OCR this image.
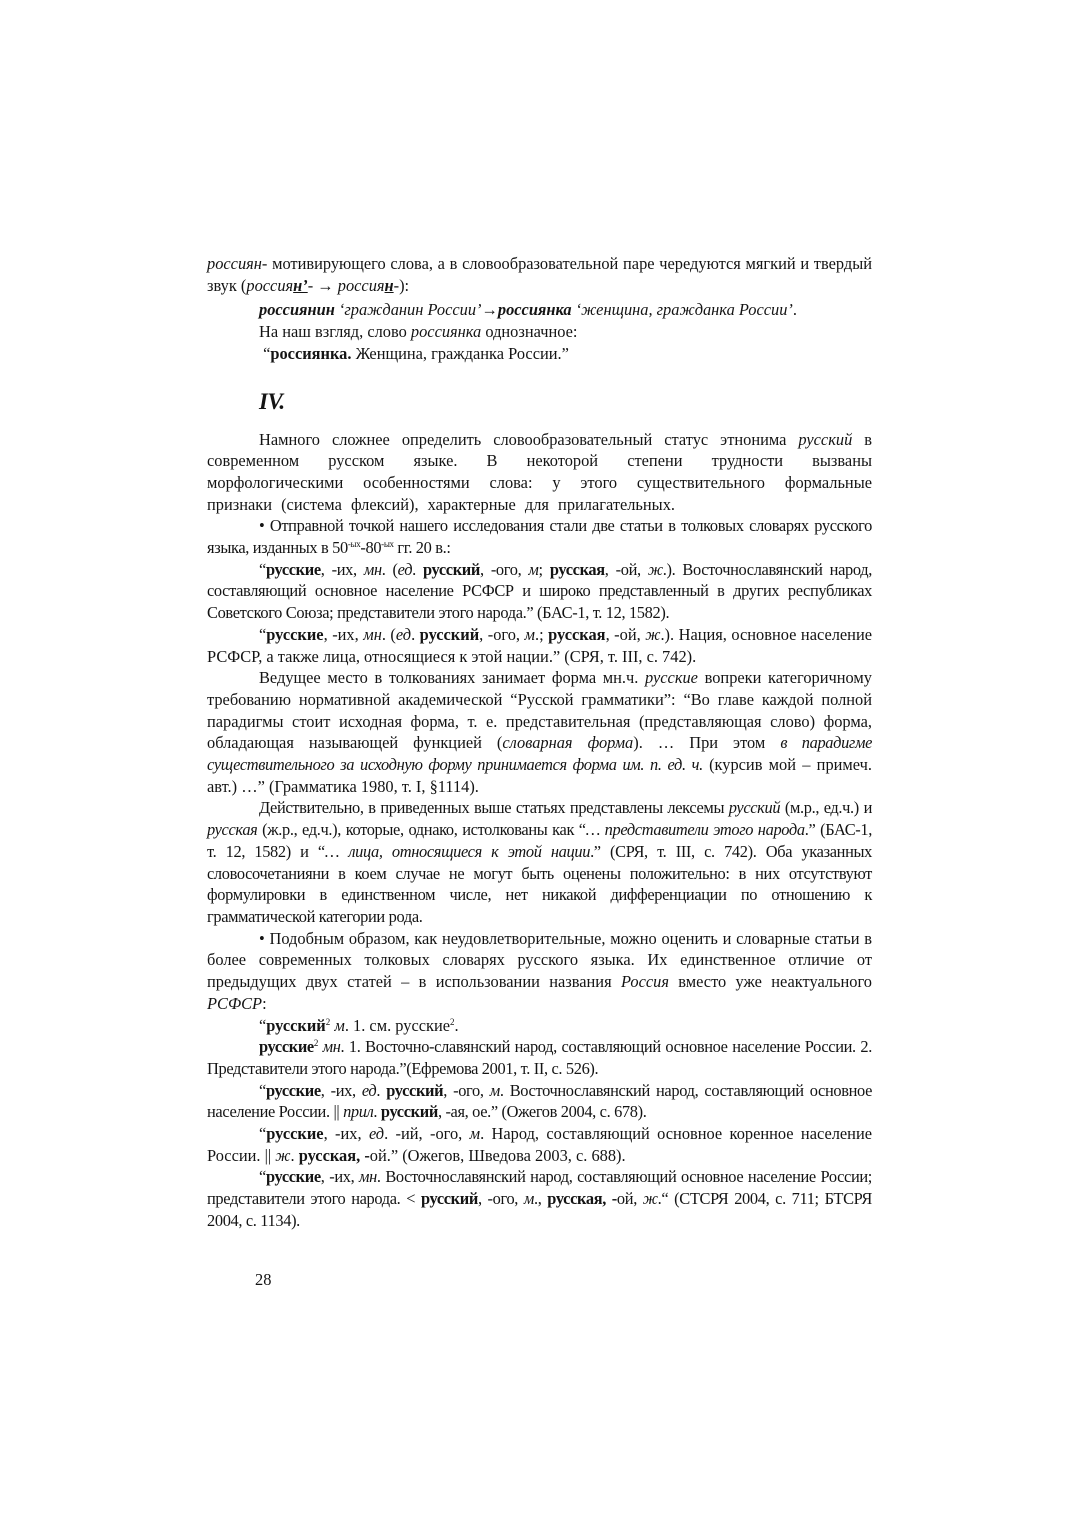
россиян- мотивирующего слова, а в словообразовательной паре чередуются мягкий и твердый звук (россиян’- → россиян-):

россиянин ‘гражданин России’→россиянка ‘женщина, гражданка России’.

На наш взгляд, слово россиянка однозначное:

“россиянка. Женщина, гражданка России.”

IV.

Намного сложнее определить словообразовательный статус этнонима русский в современном русском языке. В некоторой степени трудности вызваны морфологическими особенностями слова: у этого существительного формальные признаки (система флексий), характерные для прилагательных.

• Отправной точкой нашего исследования стали две статьи в толковых словарях русского языка, изданных в $50^{-ых}-80^{-ых}$ гг. 20 в.:

“русские, -их, мн. (ед. русский, -ого, м; русская, -ой, ж.). Восточнославянский народ, составляющий основное население РСФСР и широко представленный в других республиках Советского Союза; представители этого народа.” (БАС-1, т. 12, 1582).

“русские, -их, мн. (ед. русский, -ого, м.; русская, -ой, ж.). Нация, основное население РСФСР, а также лица, относящиеся к этой нации.” (СРЯ, т. III, с. 742).

Ведущее место в толкованиях занимает форма мн.ч. русские вопреки категоричному требованию нормативной академической “Русской грамматики”: “Во главе каждой полной парадигмы стоит исходная форма, т. е. представительная (представляющая слово) форма, обладающая называющей функцией (словарная форма). … При этом в парадигме существительного за исходную форму принимается форма им. п. ед. ч. (курсив мой – примеч. авт.) …” (Грамматика 1980, т. I, §1114).

Действительно, в приведенных выше статьях представлены лексемы русский (м.р., ед.ч.) и русская (ж.р., ед.ч.), которые, однако, истолкованы как “… представители этого народа.” (БАС-1, т. 12, 1582) и “… лица, относящиеся к этой нации.” (СРЯ, т. III, с. 742). Оба указанных словосочетанияни в коем случае не могут быть оценены положительно: в них отсутствуют формулировки в единственном числе, нет никакой дифференциации по отношению к грамматической категории рода.

• Подобным образом, как неудовлетворительные, можно оценить и словарные статьи в более современных толковых словарях русского языка. Их единственное отличие от предыдущих двух статей – в использовании названия Россия вместо уже неактуального РСФСР:

“русский$^2$ м. 1. см. русские$^2$.

русские$^2$ мн. 1. Восточно-славянский народ, составляющий основное население России. 2. Представители этого народа.”(Ефремова 2001, т. II, с. 526).

“русские, -их, ед. русский, -ого, м. Восточнославянский народ, составляющий основное население России. || прил. русский, -ая, ое.” (Ожегов 2004, с. 678).

“русские, -их, ед. -ий, -ого, м. Народ, составляющий основное коренное население России. || ж. русская, -ой.” (Ожегов, Шведова 2003, с. 688).

“русские, -их, мн. Восточнославянский народ, составляющий основное население России; представители этого народа. < русский, -ого, м., русская, -ой, ж.“ (СТСРЯ 2004, с. 711; БТСРЯ 2004, с. 1134).

28
